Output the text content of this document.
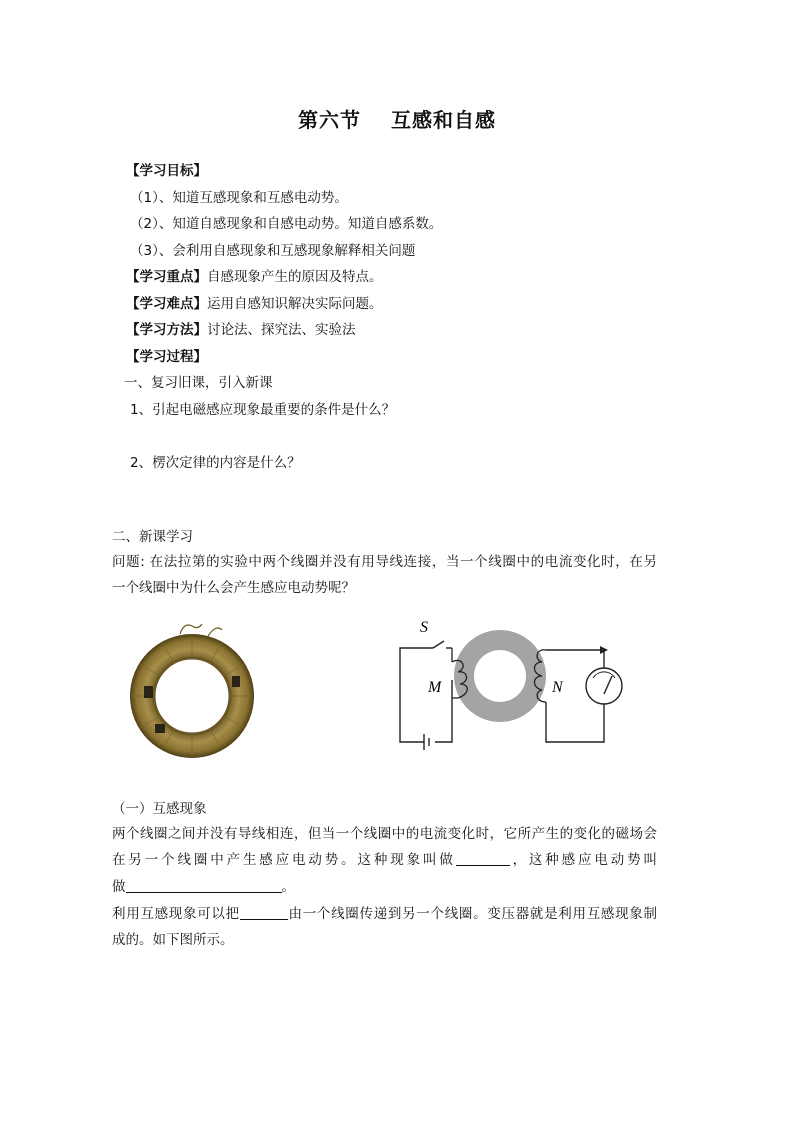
第六节 互感和自感
【学习目标】
（1）、知道互感现象和互感电动势。
（2）、知道自感现象和自感电动势。知道自感系数。
（3）、会利用自感现象和互感现象解释相关问题
【学习重点】自感现象产生的原因及特点。
【学习难点】运用自感知识解决实际问题。
【学习方法】讨论法、探究法、实验法
【学习过程】
一、复习旧课，引入新课
1、引起电磁感应现象最重要的条件是什么？
2、楞次定律的内容是什么？
二、新课学习
问题: 在法拉第的实验中两个线圈并没有用导线连接，当一个线圈中的电流变化时，在另
一个线圈中为什么会产生感应电动势呢？
S
M	N
（一）互感现象
两个线圈之间并没有导线相连，但当一个线圈中的电流变化时，它所产生的变化的磁场会
在另一个线圈中产生感应电动势。这种现象叫做	，这种感应电动势叫
做	。
利用互感现象可以把	由一个线圈传递到另一个线圈。变压器就是利用互感现象制
成的。如下图所示。
